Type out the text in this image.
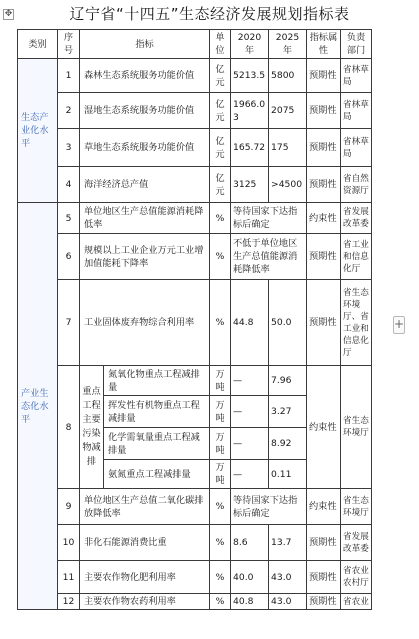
✥	辽宁省“十四五”生态经济发展规划指标表
类别	序号	指标		单位	2020 年	2025 年	指标属性	负责部门
生态产业化水平	1	森林生态系统服务功能价值		亿元	5213.5	5800	预期性	省林草局
	2	湿地生态系统服务功能价值		亿元	1966.03	2075	预期性	省林草局
	3	草地生态系统服务功能价值		亿元	165.72	175	预期性	省林草局
	4	海洋经济总产值		亿元	3125	>4500	预期性	省自然资源厅
产业生态化水平	5	单位地区生产总值能源消耗降低率		%	等待国家下达指标后确定		约束性	省发展改革委
	6	规模以上工业企业万元工业增加值能耗下降率		%	不低于单位地区生产总值能源消耗降低率		预期性	省工业和信息化厅
	7	工业固体废弃物综合利用率		%	44.8	50.0	预期性	省生态环境厅、省工业和信息化厅
	8	重点工程主要污染物减排	氮氧化物重点工程减排量	万吨	—	7.96	约束性	省生态环境厅
			挥发性有机物重点工程减排量	万吨	—	3.27		
			化学需氧量重点工程减排量	万吨	—	8.92		
			氨氮重点工程减排量	万吨	—	0.11		
	9	单位地区生产总值二氧化碳排放降低率		%	等待国家下达指标后确定		约束性	省生态环境厅
	10	非化石能源消费比重		%	8.6	13.7	预期性	省发展改革委
	11	主要农作物化肥利用率		%	40.0	43.0	预期性	省农业农村厅
	12	主要农作物农药利用率		%	40.8	43.0	预期性	省农业
+
